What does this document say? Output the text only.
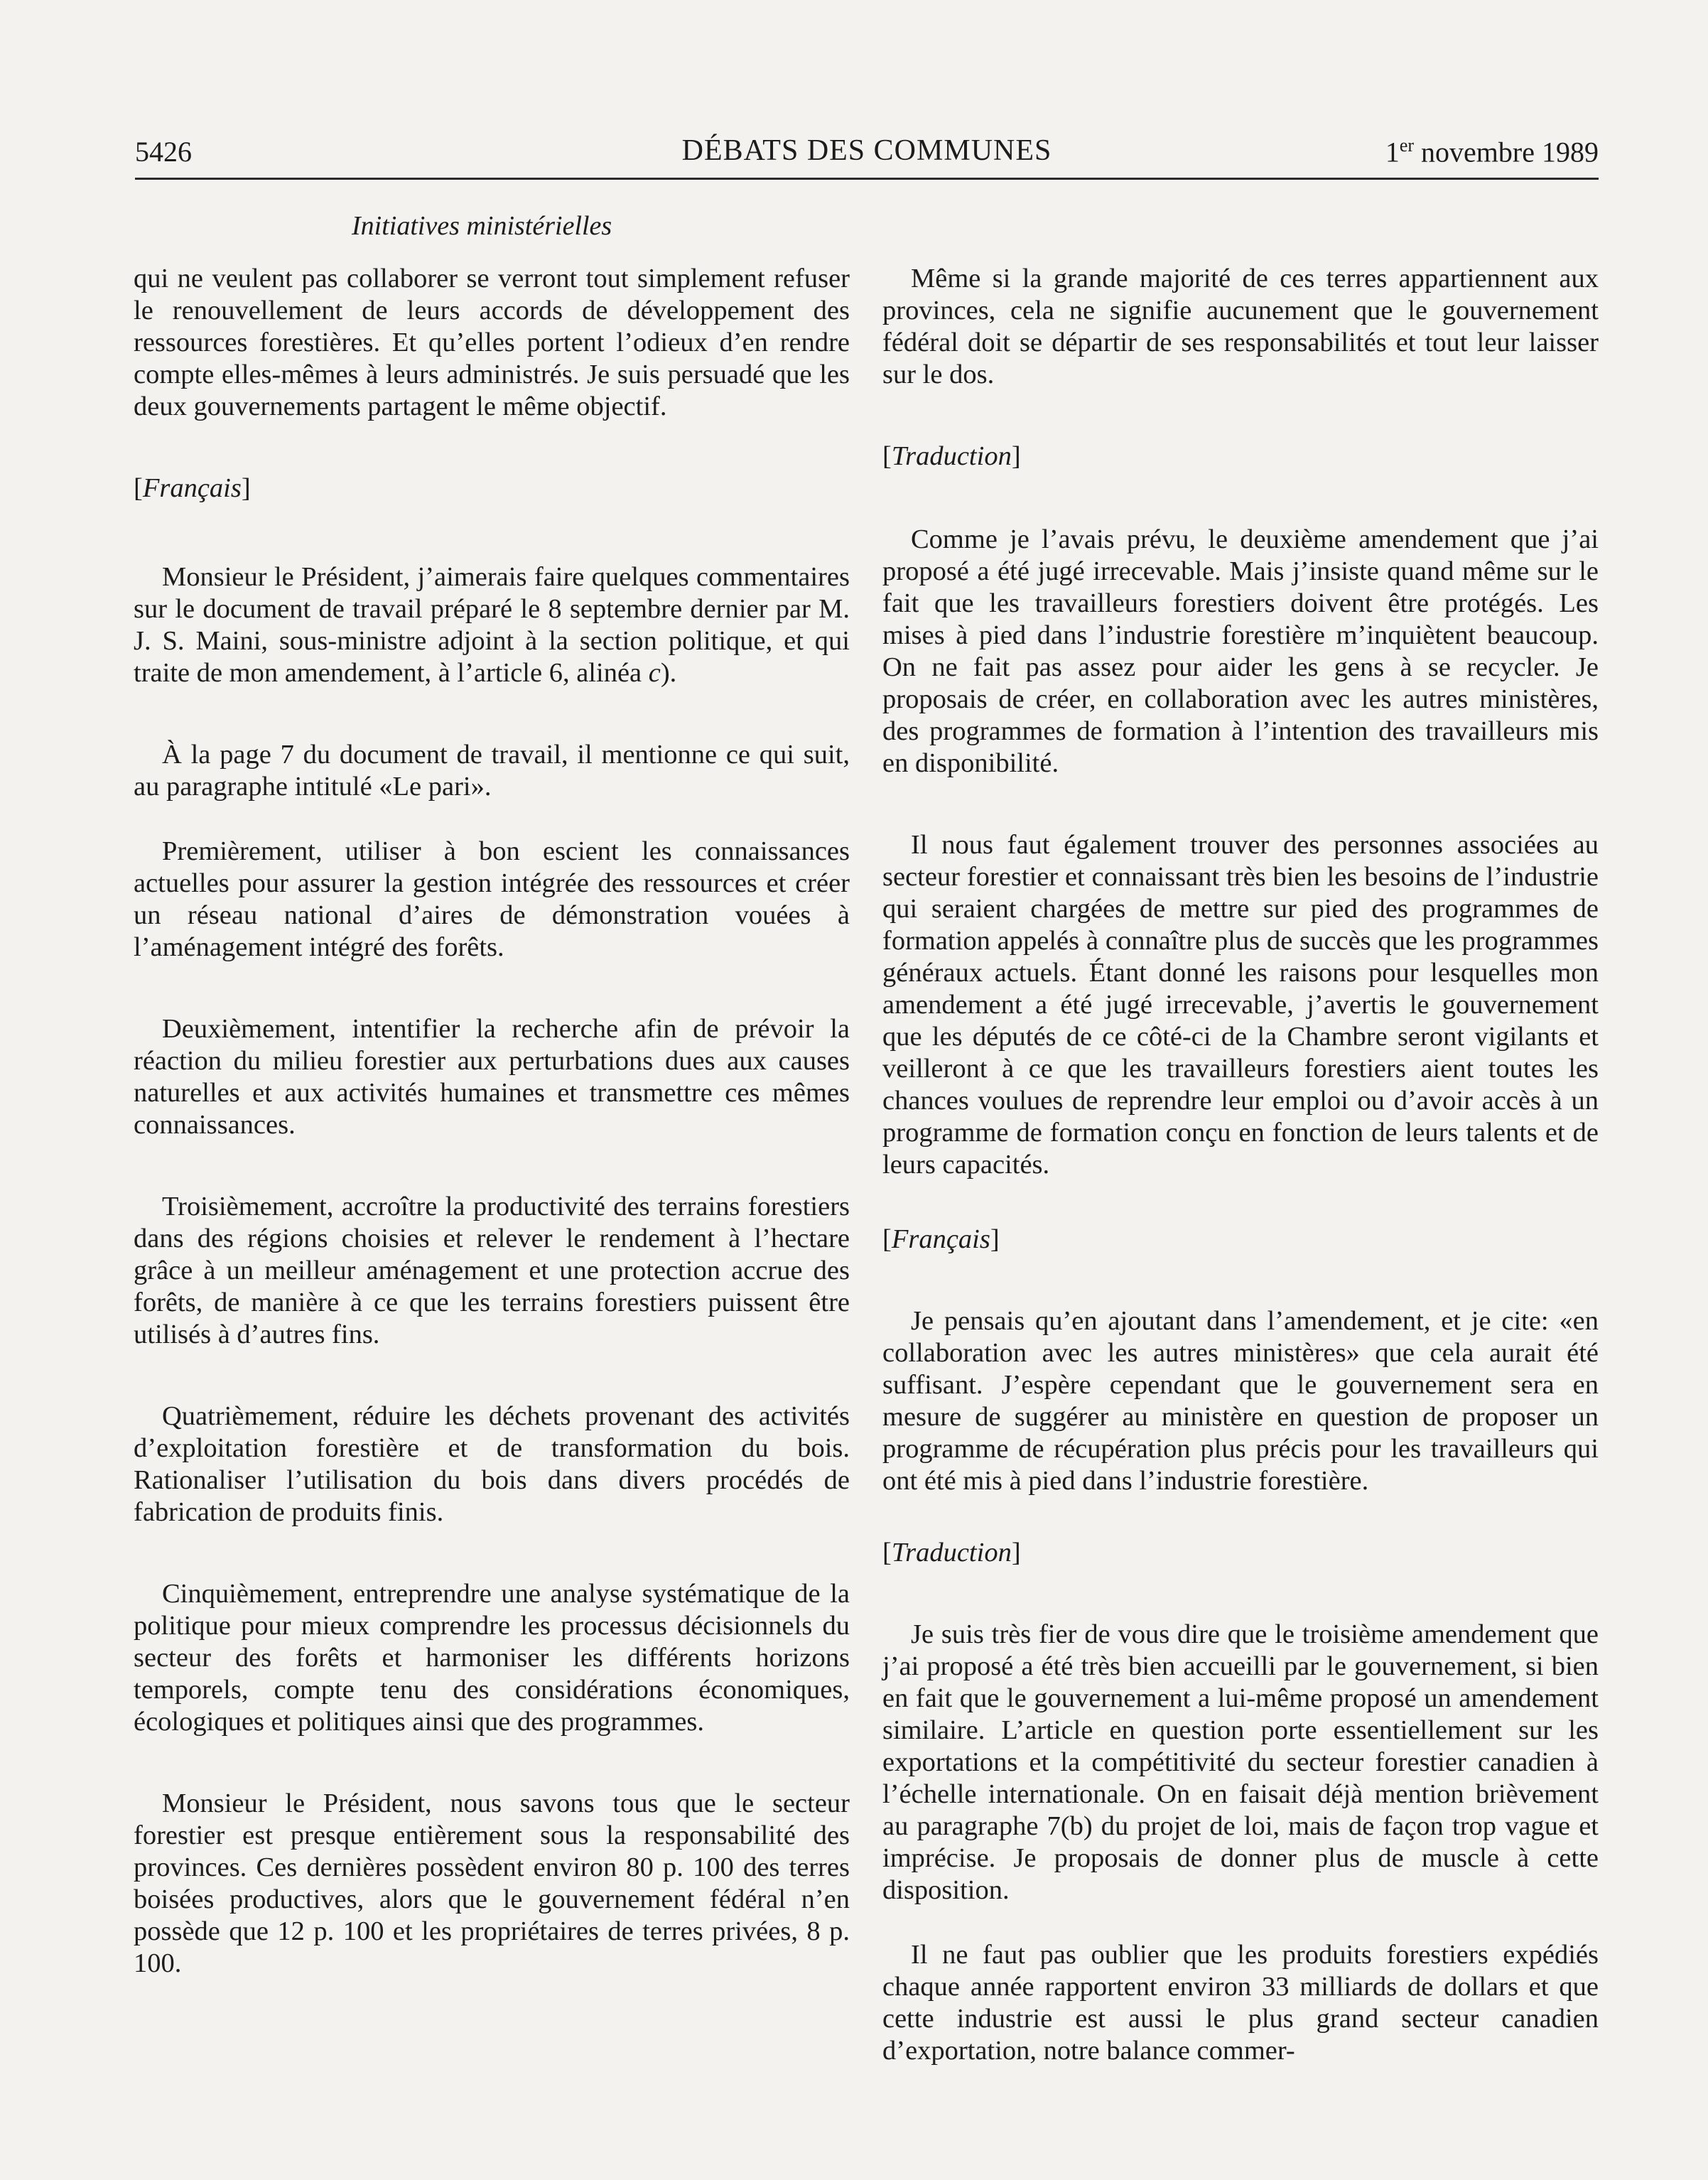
5426	DÉBATS DES COMMUNES	1er novembre 1989
Initiatives ministérielles

qui ne veulent pas collaborer se verront tout simplement refuser le renouvellement de leurs accords de développement des ressources forestières. Et qu’elles portent l’odieux d’en rendre compte elles-mêmes à leurs administrés. Je suis persuadé que les deux gouvernements partagent le même objectif.

[Français]

Monsieur le Président, j’aimerais faire quelques commentaires sur le document de travail préparé le 8 septembre dernier par M. J. S. Maini, sous-ministre adjoint à la section politique, et qui traite de mon amendement, à l’article 6, alinéa c).

À la page 7 du document de travail, il mentionne ce qui suit, au paragraphe intitulé «Le pari».

Premièrement, utiliser à bon escient les connaissances actuelles pour assurer la gestion intégrée des ressources et créer un réseau national d’aires de démonstration vouées à l’aménagement intégré des forêts.

Deuxièmement, intentifier la recherche afin de prévoir la réaction du milieu forestier aux perturbations dues aux causes naturelles et aux activités humaines et transmettre ces mêmes connaissances.

Troisièmement, accroître la productivité des terrains forestiers dans des régions choisies et relever le rendement à l’hectare grâce à un meilleur aménagement et une protection accrue des forêts, de manière à ce que les terrains forestiers puissent être utilisés à d’autres fins.

Quatrièmement, réduire les déchets provenant des activités d’exploitation forestière et de transformation du bois. Rationaliser l’utilisation du bois dans divers procédés de fabrication de produits finis.

Cinquièmement, entreprendre une analyse systématique de la politique pour mieux comprendre les processus décisionnels du secteur des forêts et harmoniser les différents horizons temporels, compte tenu des considérations économiques, écologiques et politiques ainsi que des programmes.

Monsieur le Président, nous savons tous que le secteur forestier est presque entièrement sous la responsabilité des provinces. Ces dernières possèdent environ 80 p. 100 des terres boisées productives, alors que le gouvernement fédéral n’en possède que 12 p. 100 et les propriétaires de terres privées, 8 p. 100.

Même si la grande majorité de ces terres appartiennent aux provinces, cela ne signifie aucunement que le gouvernement fédéral doit se départir de ses responsabilités et tout leur laisser sur le dos.

[Traduction]

Comme je l’avais prévu, le deuxième amendement que j’ai proposé a été jugé irrecevable. Mais j’insiste quand même sur le fait que les travailleurs forestiers doivent être protégés. Les mises à pied dans l’industrie forestière m’inquiètent beaucoup. On ne fait pas assez pour aider les gens à se recycler. Je proposais de créer, en collaboration avec les autres ministères, des programmes de formation à l’intention des travailleurs mis en disponibilité.

Il nous faut également trouver des personnes associées au secteur forestier et connaissant très bien les besoins de l’industrie qui seraient chargées de mettre sur pied des programmes de formation appelés à connaître plus de succès que les programmes généraux actuels. Étant donné les raisons pour lesquelles mon amendement a été jugé irrecevable, j’avertis le gouvernement que les députés de ce côté-ci de la Chambre seront vigilants et veilleront à ce que les travailleurs forestiers aient toutes les chances voulues de reprendre leur emploi ou d’avoir accès à un programme de formation conçu en fonction de leurs talents et de leurs capacités.

[Français]

Je pensais qu’en ajoutant dans l’amendement, et je cite: «en collaboration avec les autres ministères» que cela aurait été suffisant. J’espère cependant que le gouvernement sera en mesure de suggérer au ministère en question de proposer un programme de récupération plus précis pour les travailleurs qui ont été mis à pied dans l’industrie forestière.

[Traduction]

Je suis très fier de vous dire que le troisième amendement que j’ai proposé a été très bien accueilli par le gouvernement, si bien en fait que le gouvernement a lui-même proposé un amendement similaire. L’article en question porte essentiellement sur les exportations et la compétitivité du secteur forestier canadien à l’échelle internationale. On en faisait déjà mention brièvement au paragraphe 7(b) du projet de loi, mais de façon trop vague et imprécise. Je proposais de donner plus de muscle à cette disposition.

Il ne faut pas oublier que les produits forestiers expédiés chaque année rapportent environ 33 milliards de dollars et que cette industrie est aussi le plus grand secteur canadien d’exportation, notre balance commer-
